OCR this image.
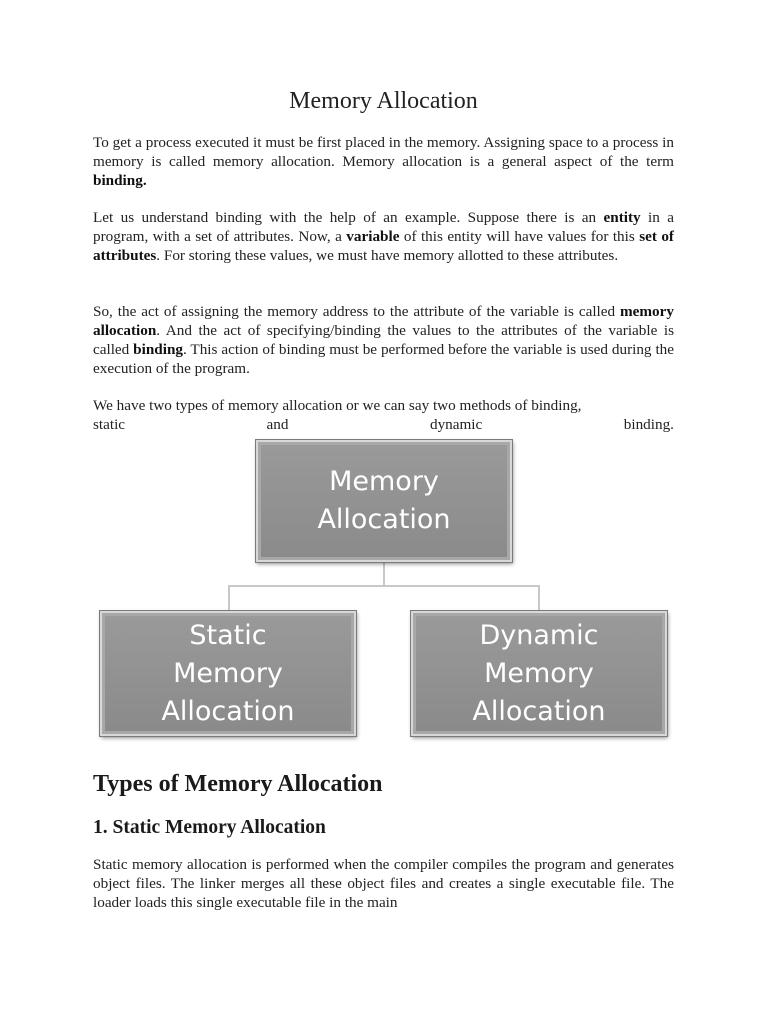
Memory Allocation

To get a process executed it must be first placed in the memory. Assigning space to a process in memory is called memory allocation. Memory allocation is a general aspect of the term binding.

Let us understand binding with the help of an example. Suppose there is an entity in a program, with a set of attributes. Now, a variable of this entity will have values for this set of attributes. For storing these values, we must have memory allotted to these attributes.

So, the act of assigning the memory address to the attribute of the variable is called memory allocation. And the act of specifying/binding the values to the attributes of the variable is called binding. This action of binding must be performed before the variable is used during the execution of the program.

We have two types of memory allocation or we can say two methods of binding,
static	and	dynamic	binding.
Memory
Allocation
Static
Memory
Allocation
Dynamic
Memory
Allocation
Types of Memory Allocation
1. Static Memory Allocation

Static memory allocation is performed when the compiler compiles the program and generates object files. The linker merges all these object files and creates a single executable file. The loader loads this single executable file in the main
